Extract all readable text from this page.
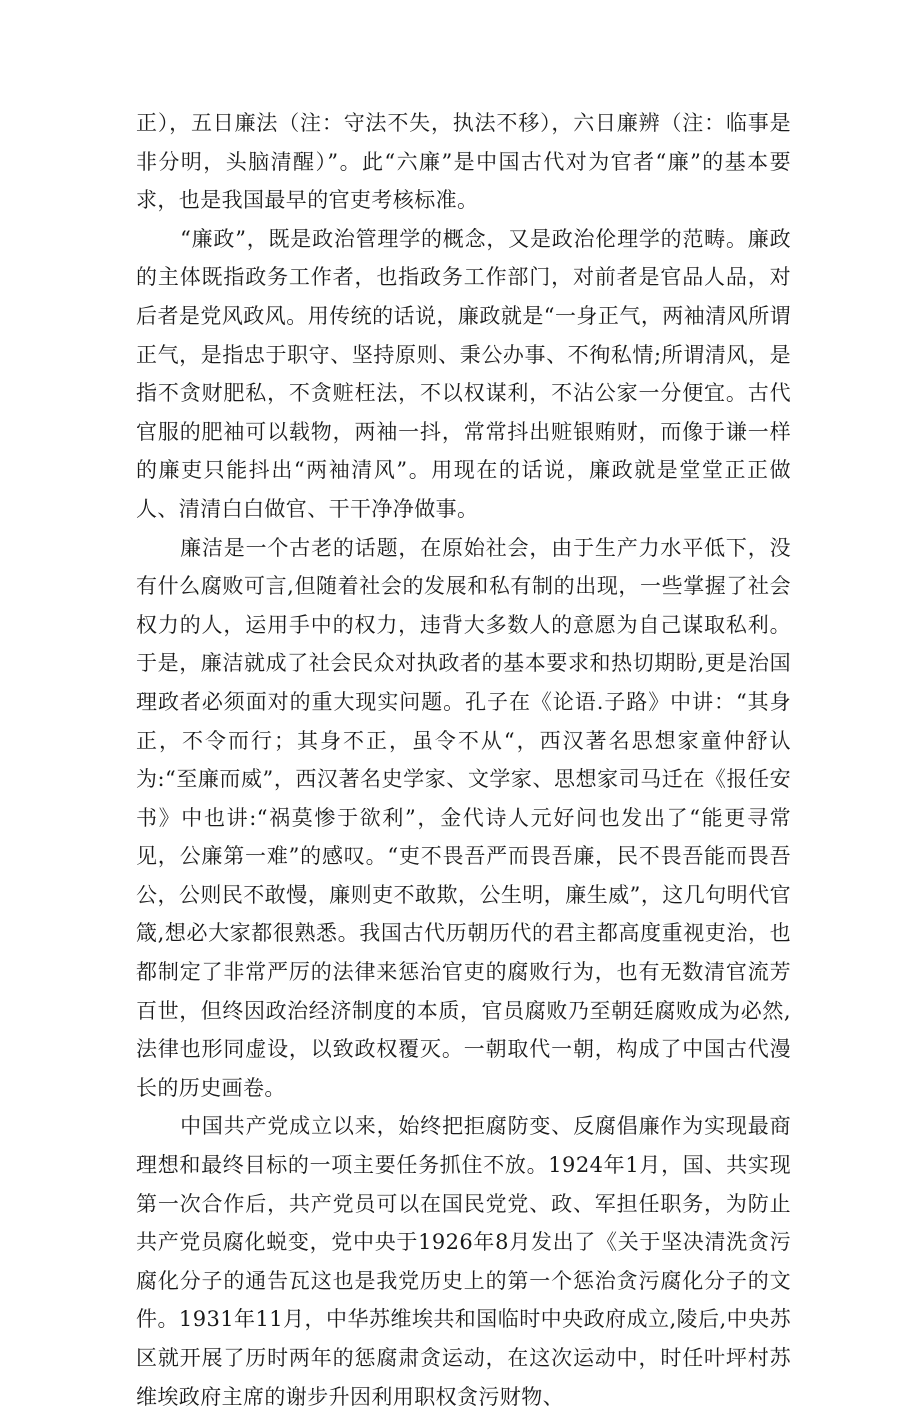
正），五日廉法（注：守法不失，执法不移），六日廉辨（注：临事是非分明，头脑清醒）”。此“六廉”是中国古代对为官者“廉”的基本要求，也是我国最早的官吏考核标准。

“廉政”，既是政治管理学的概念，又是政治伦理学的范畴。廉政的主体既指政务工作者，也指政务工作部门，对前者是官品人品，对后者是党风政风。用传统的话说，廉政就是“一身正气，两袖清风所谓正气，是指忠于职守、坚持原则、秉公办事、不徇私情;所谓清风，是指不贪财肥私，不贪赃枉法，不以权谋利，不沾公家一分便宜。古代官服的肥袖可以载物，两袖一抖，常常抖出赃银贿财，而像于谦一样的廉吏只能抖出“两袖清风”。用现在的话说，廉政就是堂堂正正做人、清清白白做官、干干净净做事。

廉洁是一个古老的话题，在原始社会，由于生产力水平低下，没有什么腐败可言,但随着社会的发展和私有制的出现，一些掌握了社会权力的人，运用手中的权力，违背大多数人的意愿为自己谋取私利。于是，廉洁就成了社会民众对执政者的基本要求和热切期盼,更是治国理政者必须面对的重大现实问题。孔子在《论语.子路》中讲：“其身正，不令而行；其身不正，虽令不从“，西汉著名思想家童仲舒认为:“至廉而威”，西汉著名史学家、文学家、思想家司马迁在《报任安书》中也讲:“祸莫惨于欲利”，金代诗人元好问也发出了“能更寻常见，公廉第一难”的感叹。“吏不畏吾严而畏吾廉，民不畏吾能而畏吾公，公则民不敢慢，廉则吏不敢欺，公生明，廉生威”，这几句明代官箴,想必大家都很熟悉。我国古代历朝历代的君主都高度重视吏治，也都制定了非常严厉的法律来惩治官吏的腐败行为，也有无数清官流芳百世，但终因政治经济制度的本质，官员腐败乃至朝廷腐败成为必然,法律也形同虚设，以致政权覆灭。一朝取代一朝，构成了中国古代漫长的历史画卷。

中国共产党成立以来，始终把拒腐防变、反腐倡廉作为实现最商理想和最终目标的一项主要任务抓住不放。1924年1月，国、共实现第一次合作后，共产党员可以在国民党党、政、军担任职务，为防止共产党员腐化蜕变，党中央于1926年8月发出了《关于坚决清洗贪污腐化分子的通告瓦这也是我党历史上的第一个惩治贪污腐化分子的文件。1931年11月，中华苏维埃共和国临时中央政府成立,陵后,中央苏区就开展了历时两年的惩腐肃贪运动，在这次运动中，时任叶坪村苏维埃政府主席的谢步升因利用职权贪污财物、
